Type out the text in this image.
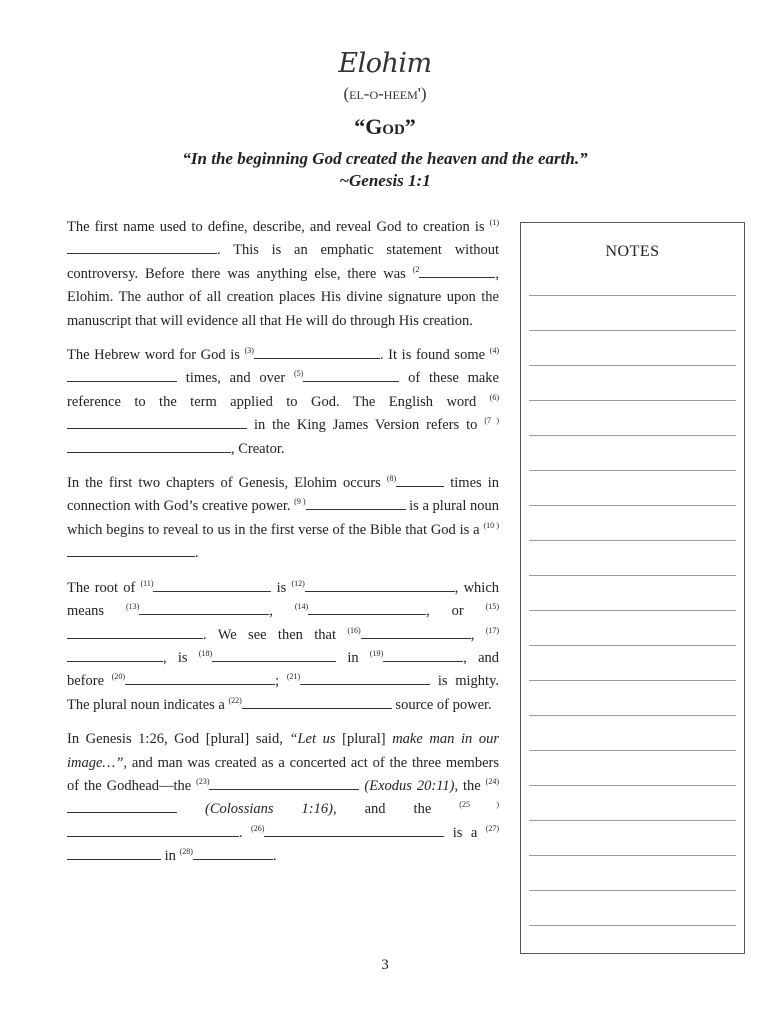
Elohim
(el-o-heem')
“God”
“In the beginning God created the heaven and the earth.”
~Genesis 1:1

The first name used to define, describe, and reveal God to creation is $^{(1)}$. This is an emphatic statement without controversy. Before there was anything else, there was $^{(2}$	, Elohim. The author of all creation places His divine signature upon the manuscript that will evidence all that He will do through His creation.

The Hebrew word for God is $^{(3)}$	. It is found some $^{(4)}$ times, and over $^{(5)}$	of these make reference to the term applied to God. The English word $^{(6)}$ in the King James Version refers to $^{(7 )}$, Creator.

In the first two chapters of Genesis, Elohim occurs $^{(8)}$	times in connection with God’s creative power. $^{(9 )}$	is a plural noun which begins to reveal to us in the first verse of the Bible that God is a $^{(10 )}$.

The root of $^{(11)}$	is $^{(12)}$	, which means $^{(13)}$	, $^{(14)}$	, or $^{(15)}$. We see then that $^{(16)}$	, $^{(17)}$, is $^{(18)}$	in $^{(19)}$	, and before $^{(20)}$	; $^{(21)}$	is mighty. The plural noun indicates a $^{(22)}$	source of power.

In Genesis 1:26, God [plural] said, “Let us [plural] make man in our image…”, and man was created as a concerted act of the three members of the Godhead—the $^{(23)}$	(Exodus 20:11), the $^{(24)}$ (Colossians 1:16), and the $^{(25 )}$. $^{(26)}$	is a $^{(27)}$ in $^{(28)}$	.

NOTES
3
